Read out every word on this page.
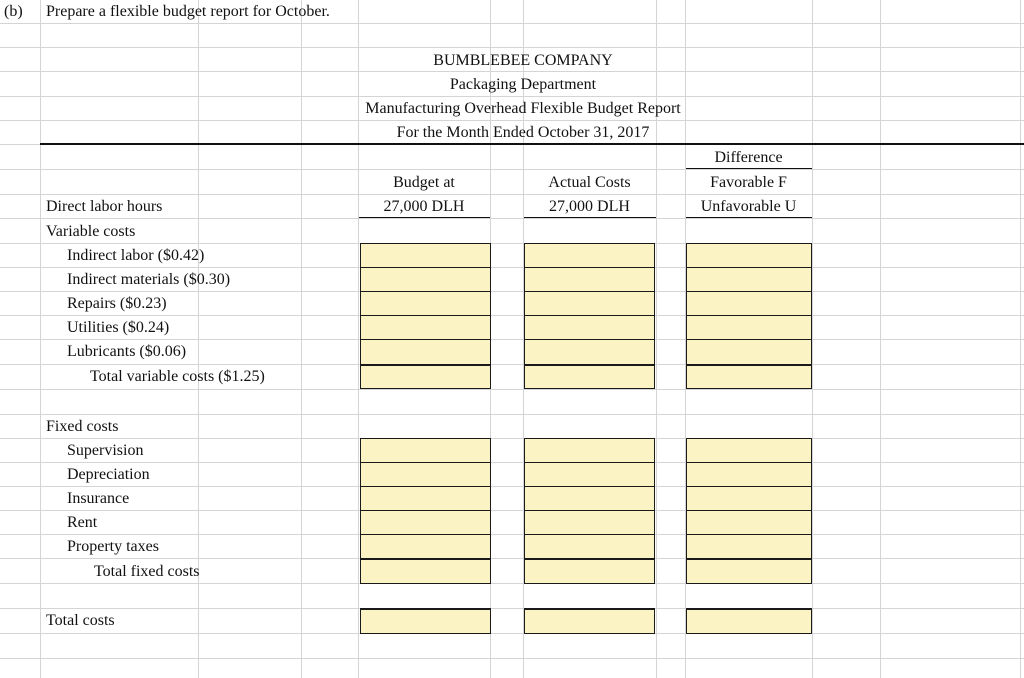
(b) Prepare a flexible budget report for October.
BUMBLEBEE COMPANY
Packaging Department
Manufacturing Overhead Flexible Budget Report
For the Month Ended October 31, 2017
Difference
Budget at	Actual Costs	Favorable F
27,000 DLH	27,000 DLH	Unfavorable U
Direct labor hours
Variable costs
Indirect labor ($0.42)
Indirect materials ($0.30)
Repairs ($0.23)
Utilities ($0.24)
Lubricants ($0.06)
Total variable costs ($1.25)
Fixed costs
Supervision
Depreciation
Insurance
Rent
Property taxes
Total fixed costs
Total costs
